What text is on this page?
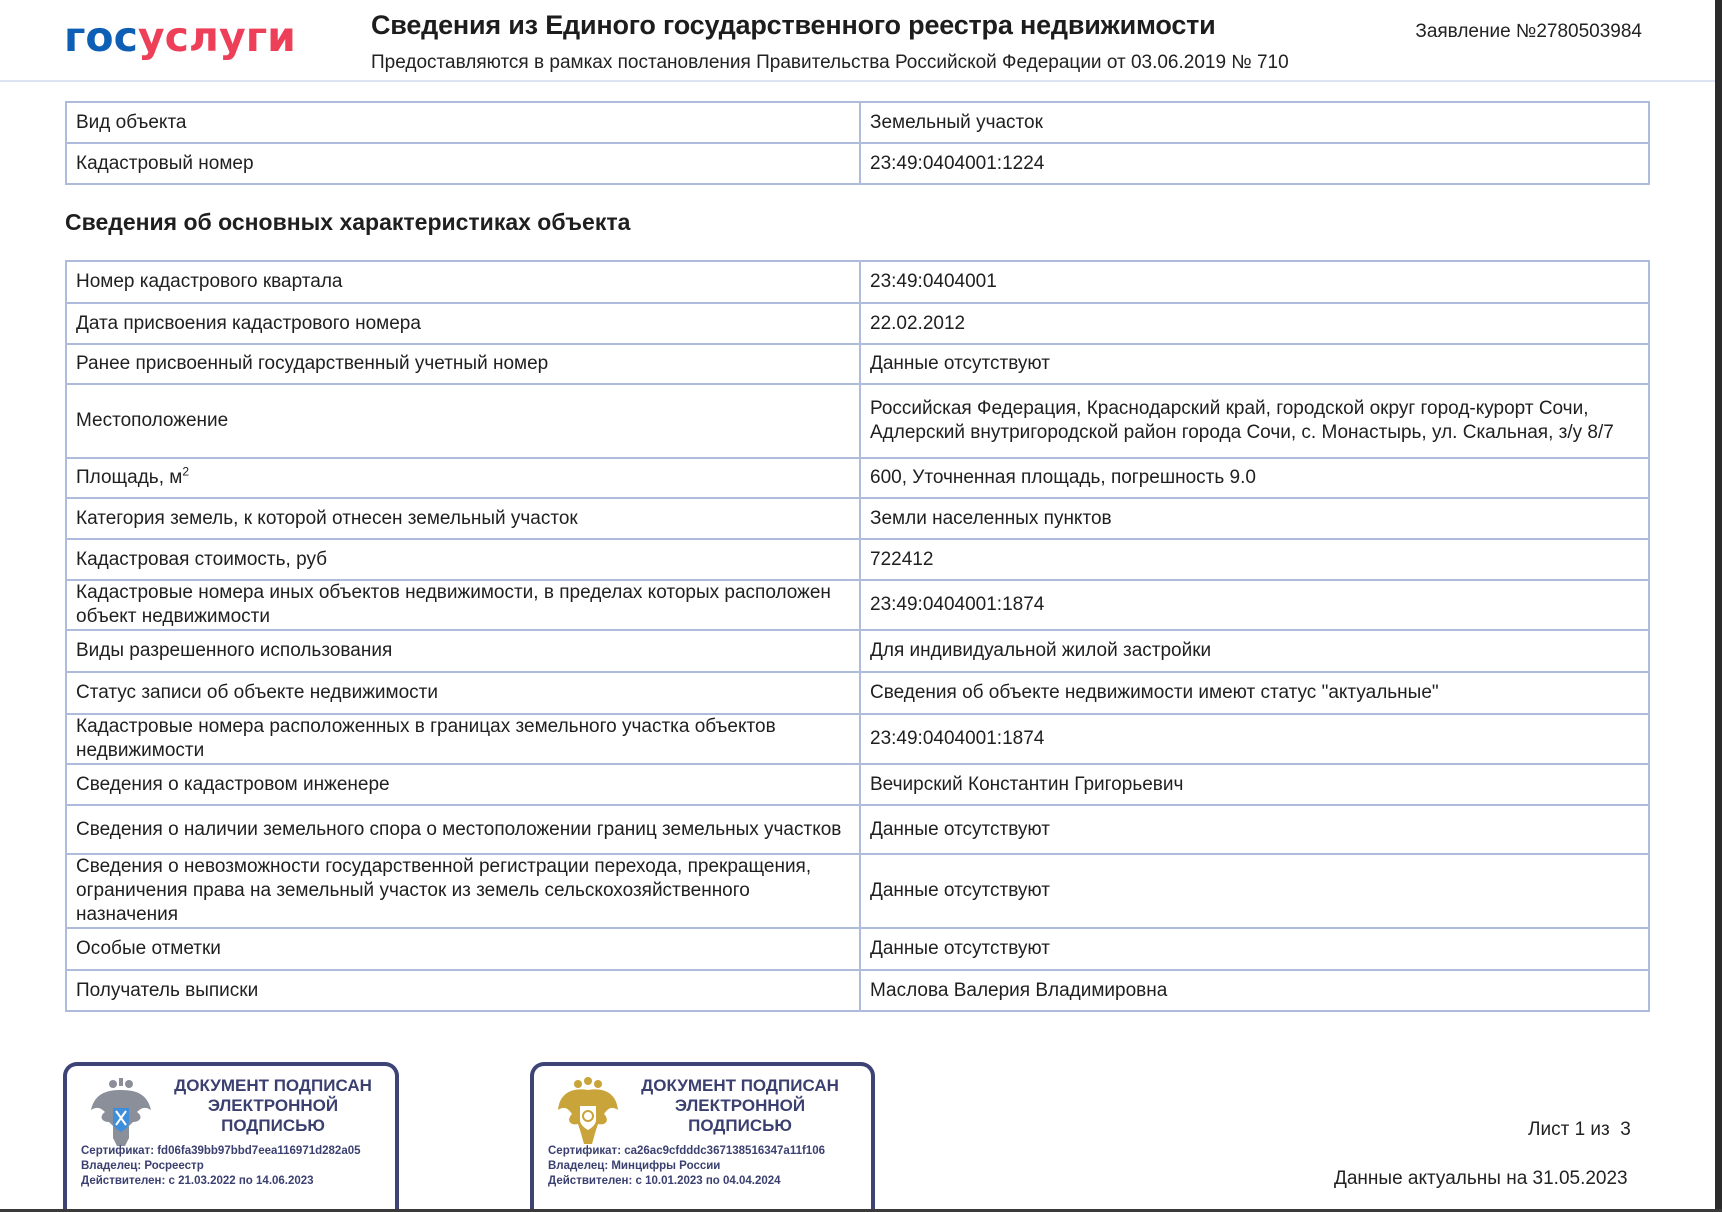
госуслуги	Сведения из Единого государственного реестра недвижимости
Предоставляются в рамках постановления Правительства Российской Федерации от 03.06.2019 № 710
Заявление №2780503984
Вид объекта	Земельный участок
Кадастровый номер	23:49:0404001:1224
Сведения об основных характеристиках объекта
Номер кадастрового квартала	23:49:0404001
Дата присвоения кадастрового номера	22.02.2012
Ранее присвоенный государственный учетный номер	Данные отсутствуют
Местоположение	Российская Федерация, Краснодарский край, городской округ город-курорт Сочи, Адлерский внутригородской район города Сочи, с. Монастырь, ул. Скальная, з/у 8/7
Площадь, $м^2$	600, Уточненная площадь, погрешность 9.0
Категория земель, к которой отнесен земельный участок	Земли населенных пунктов
Кадастровая стоимость, руб	722412
Кадастровые номера иных объектов недвижимости, в пределах которых расположен объект недвижимости	23:49:0404001:1874
Виды разрешенного использования	Для индивидуальной жилой застройки
Статус записи об объекте недвижимости	Сведения об объекте недвижимости имеют статус "актуальные"
Кадастровые номера расположенных в границах земельного участка объектов недвижимости	23:49:0404001:1874
Сведения о кадастровом инженере	Вечирский Константин Григорьевич
Сведения о наличии земельного спора о местоположении границ земельных участков	Данные отсутствуют
Сведения о невозможности государственной регистрации перехода, прекращения, ограничения права на земельный участок из земель сельскохозяйственного назначения	Данные отсутствуют
Особые отметки	Данные отсутствуют
Получатель выписки	Маслова Валерия Владимировна
ДОКУМЕНТ ПОДПИСАН ЭЛЕКТРОННОЙ ПОДПИСЬЮ
Сертификат: fd06fa39bb97bbd7eea116971d282a05
Владелец: Росреестр
Действителен: с 21.03.2022 по 14.06.2023
ДОКУМЕНТ ПОДПИСАН ЭЛЕКТРОННОЙ ПОДПИСЬЮ
Сертификат: ca26ac9cfdddc367138516347a11f106
Владелец: Минцифры России
Действителен: с 10.01.2023 по 04.04.2024
Лист 1 из  3
Данные актуальны на 31.05.2023
